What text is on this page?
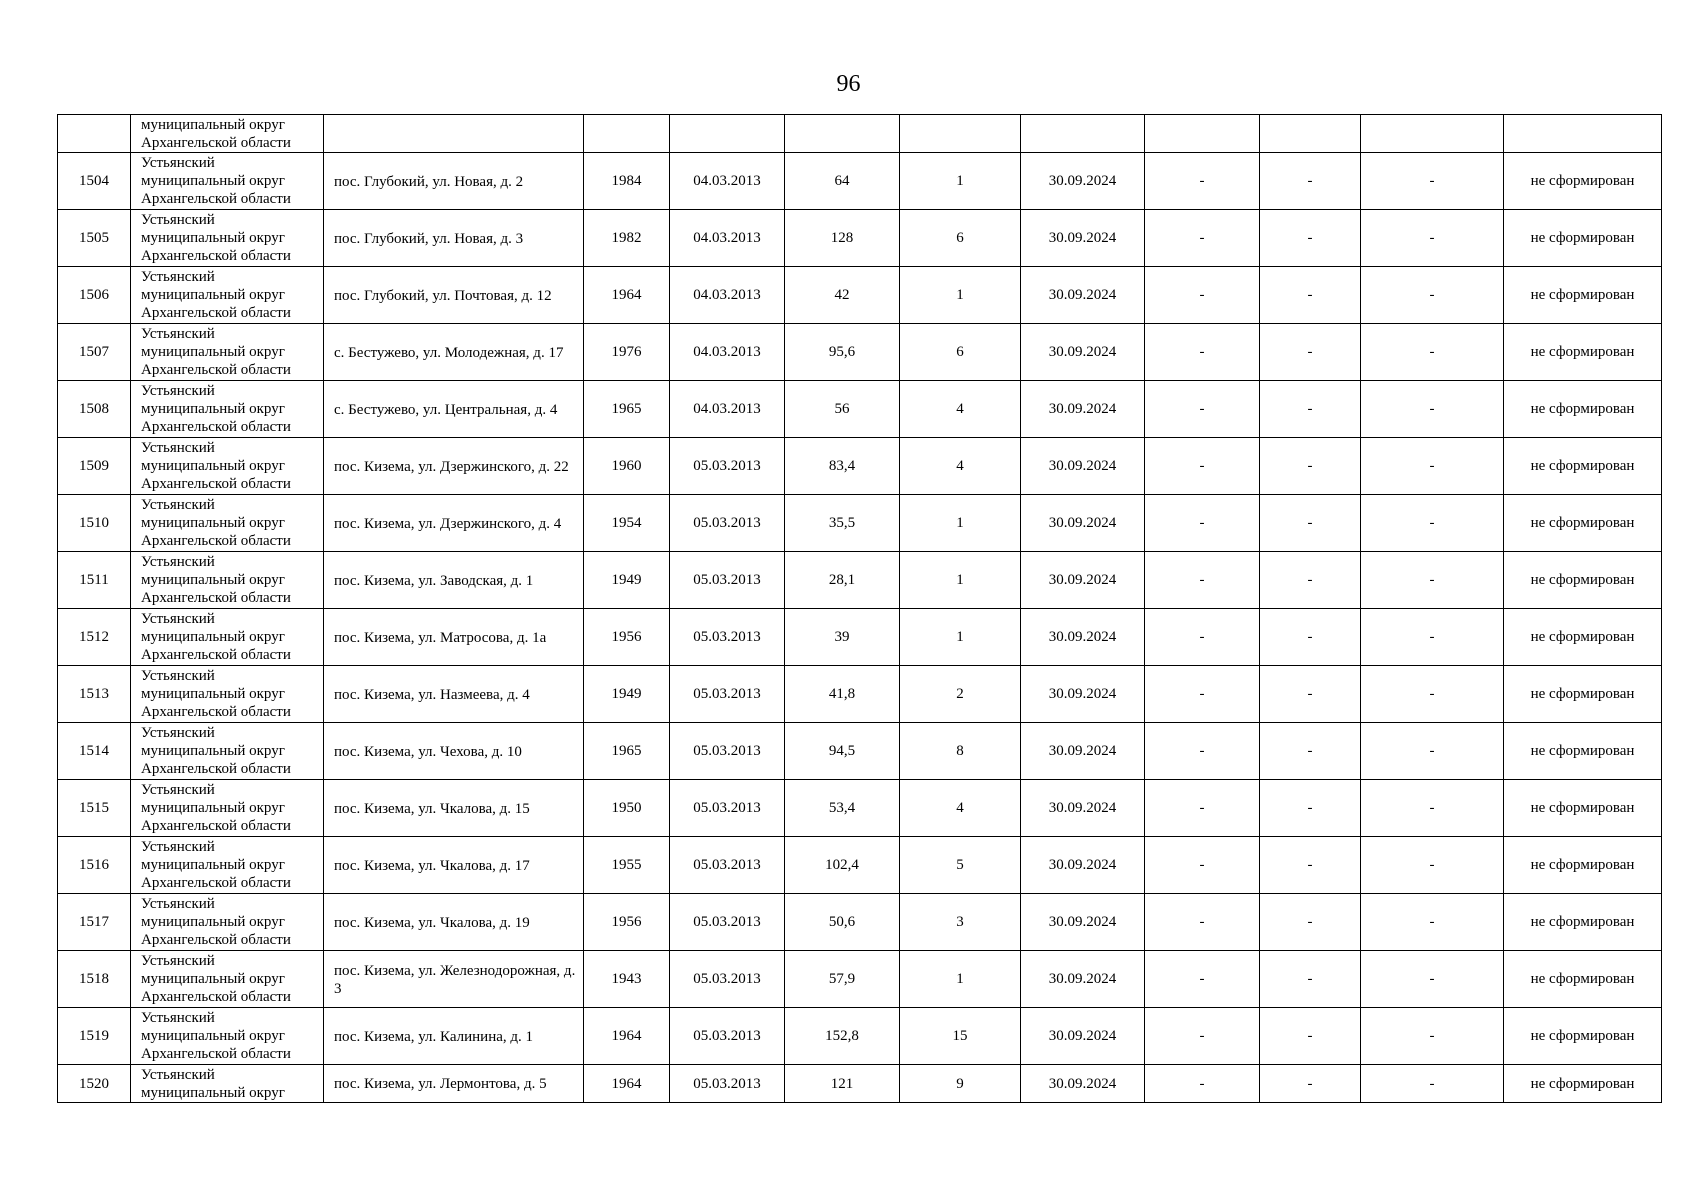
96

	муниципальный округ
Архангельской области										

1504	Устьянский
муниципальный округ
Архангельской области	пос. Глубокий, ул. Новая, д. 2	1984	04.03.2013	64	1	30.09.2024	-	-	-	не сформирован
1505	Устьянский
муниципальный округ
Архангельской области	пос. Глубокий, ул. Новая, д. 3	1982	04.03.2013	128	6	30.09.2024	-	-	-	не сформирован
1506	Устьянский
муниципальный округ
Архангельской области	пос. Глубокий, ул. Почтовая, д. 12	1964	04.03.2013	42	1	30.09.2024	-	-	-	не сформирован
1507	Устьянский
муниципальный округ
Архангельской области	с. Бестужево, ул. Молодежная, д. 17	1976	04.03.2013	95,6	6	30.09.2024	-	-	-	не сформирован
1508	Устьянский
муниципальный округ
Архангельской области	с. Бестужево, ул. Центральная, д. 4	1965	04.03.2013	56	4	30.09.2024	-	-	-	не сформирован
1509	Устьянский
муниципальный округ
Архангельской области	пос. Кизема, ул. Дзержинского, д. 22	1960	05.03.2013	83,4	4	30.09.2024	-	-	-	не сформирован
1510	Устьянский
муниципальный округ
Архангельской области	пос. Кизема, ул. Дзержинского, д. 4	1954	05.03.2013	35,5	1	30.09.2024	-	-	-	не сформирован
1511	Устьянский
муниципальный округ
Архангельской области	пос. Кизема, ул. Заводская, д. 1	1949	05.03.2013	28,1	1	30.09.2024	-	-	-	не сформирован
1512	Устьянский
муниципальный округ
Архангельской области	пос. Кизема, ул. Матросова, д. 1а	1956	05.03.2013	39	1	30.09.2024	-	-	-	не сформирован
1513	Устьянский
муниципальный округ
Архангельской области	пос. Кизема, ул. Назмеева, д. 4	1949	05.03.2013	41,8	2	30.09.2024	-	-	-	не сформирован
1514	Устьянский
муниципальный округ
Архангельской области	пос. Кизема, ул. Чехова, д. 10	1965	05.03.2013	94,5	8	30.09.2024	-	-	-	не сформирован
1515	Устьянский
муниципальный округ
Архангельской области	пос. Кизема, ул. Чкалова, д. 15	1950	05.03.2013	53,4	4	30.09.2024	-	-	-	не сформирован
1516	Устьянский
муниципальный округ
Архангельской области	пос. Кизема, ул. Чкалова, д. 17	1955	05.03.2013	102,4	5	30.09.2024	-	-	-	не сформирован
1517	Устьянский
муниципальный округ
Архангельской области	пос. Кизема, ул. Чкалова, д. 19	1956	05.03.2013	50,6	3	30.09.2024	-	-	-	не сформирован
1518	Устьянский
муниципальный округ
Архангельской области	пос. Кизема, ул. Железнодорожная, д. 3	1943	05.03.2013	57,9	1	30.09.2024	-	-	-	не сформирован
1519	Устьянский
муниципальный округ
Архангельской области	пос. Кизема, ул. Калинина, д. 1	1964	05.03.2013	152,8	15	30.09.2024	-	-	-	не сформирован
1520	Устьянский
муниципальный округ	пос. Кизема, ул. Лермонтова, д. 5	1964	05.03.2013	121	9	30.09.2024	-	-	-	не сформирован
